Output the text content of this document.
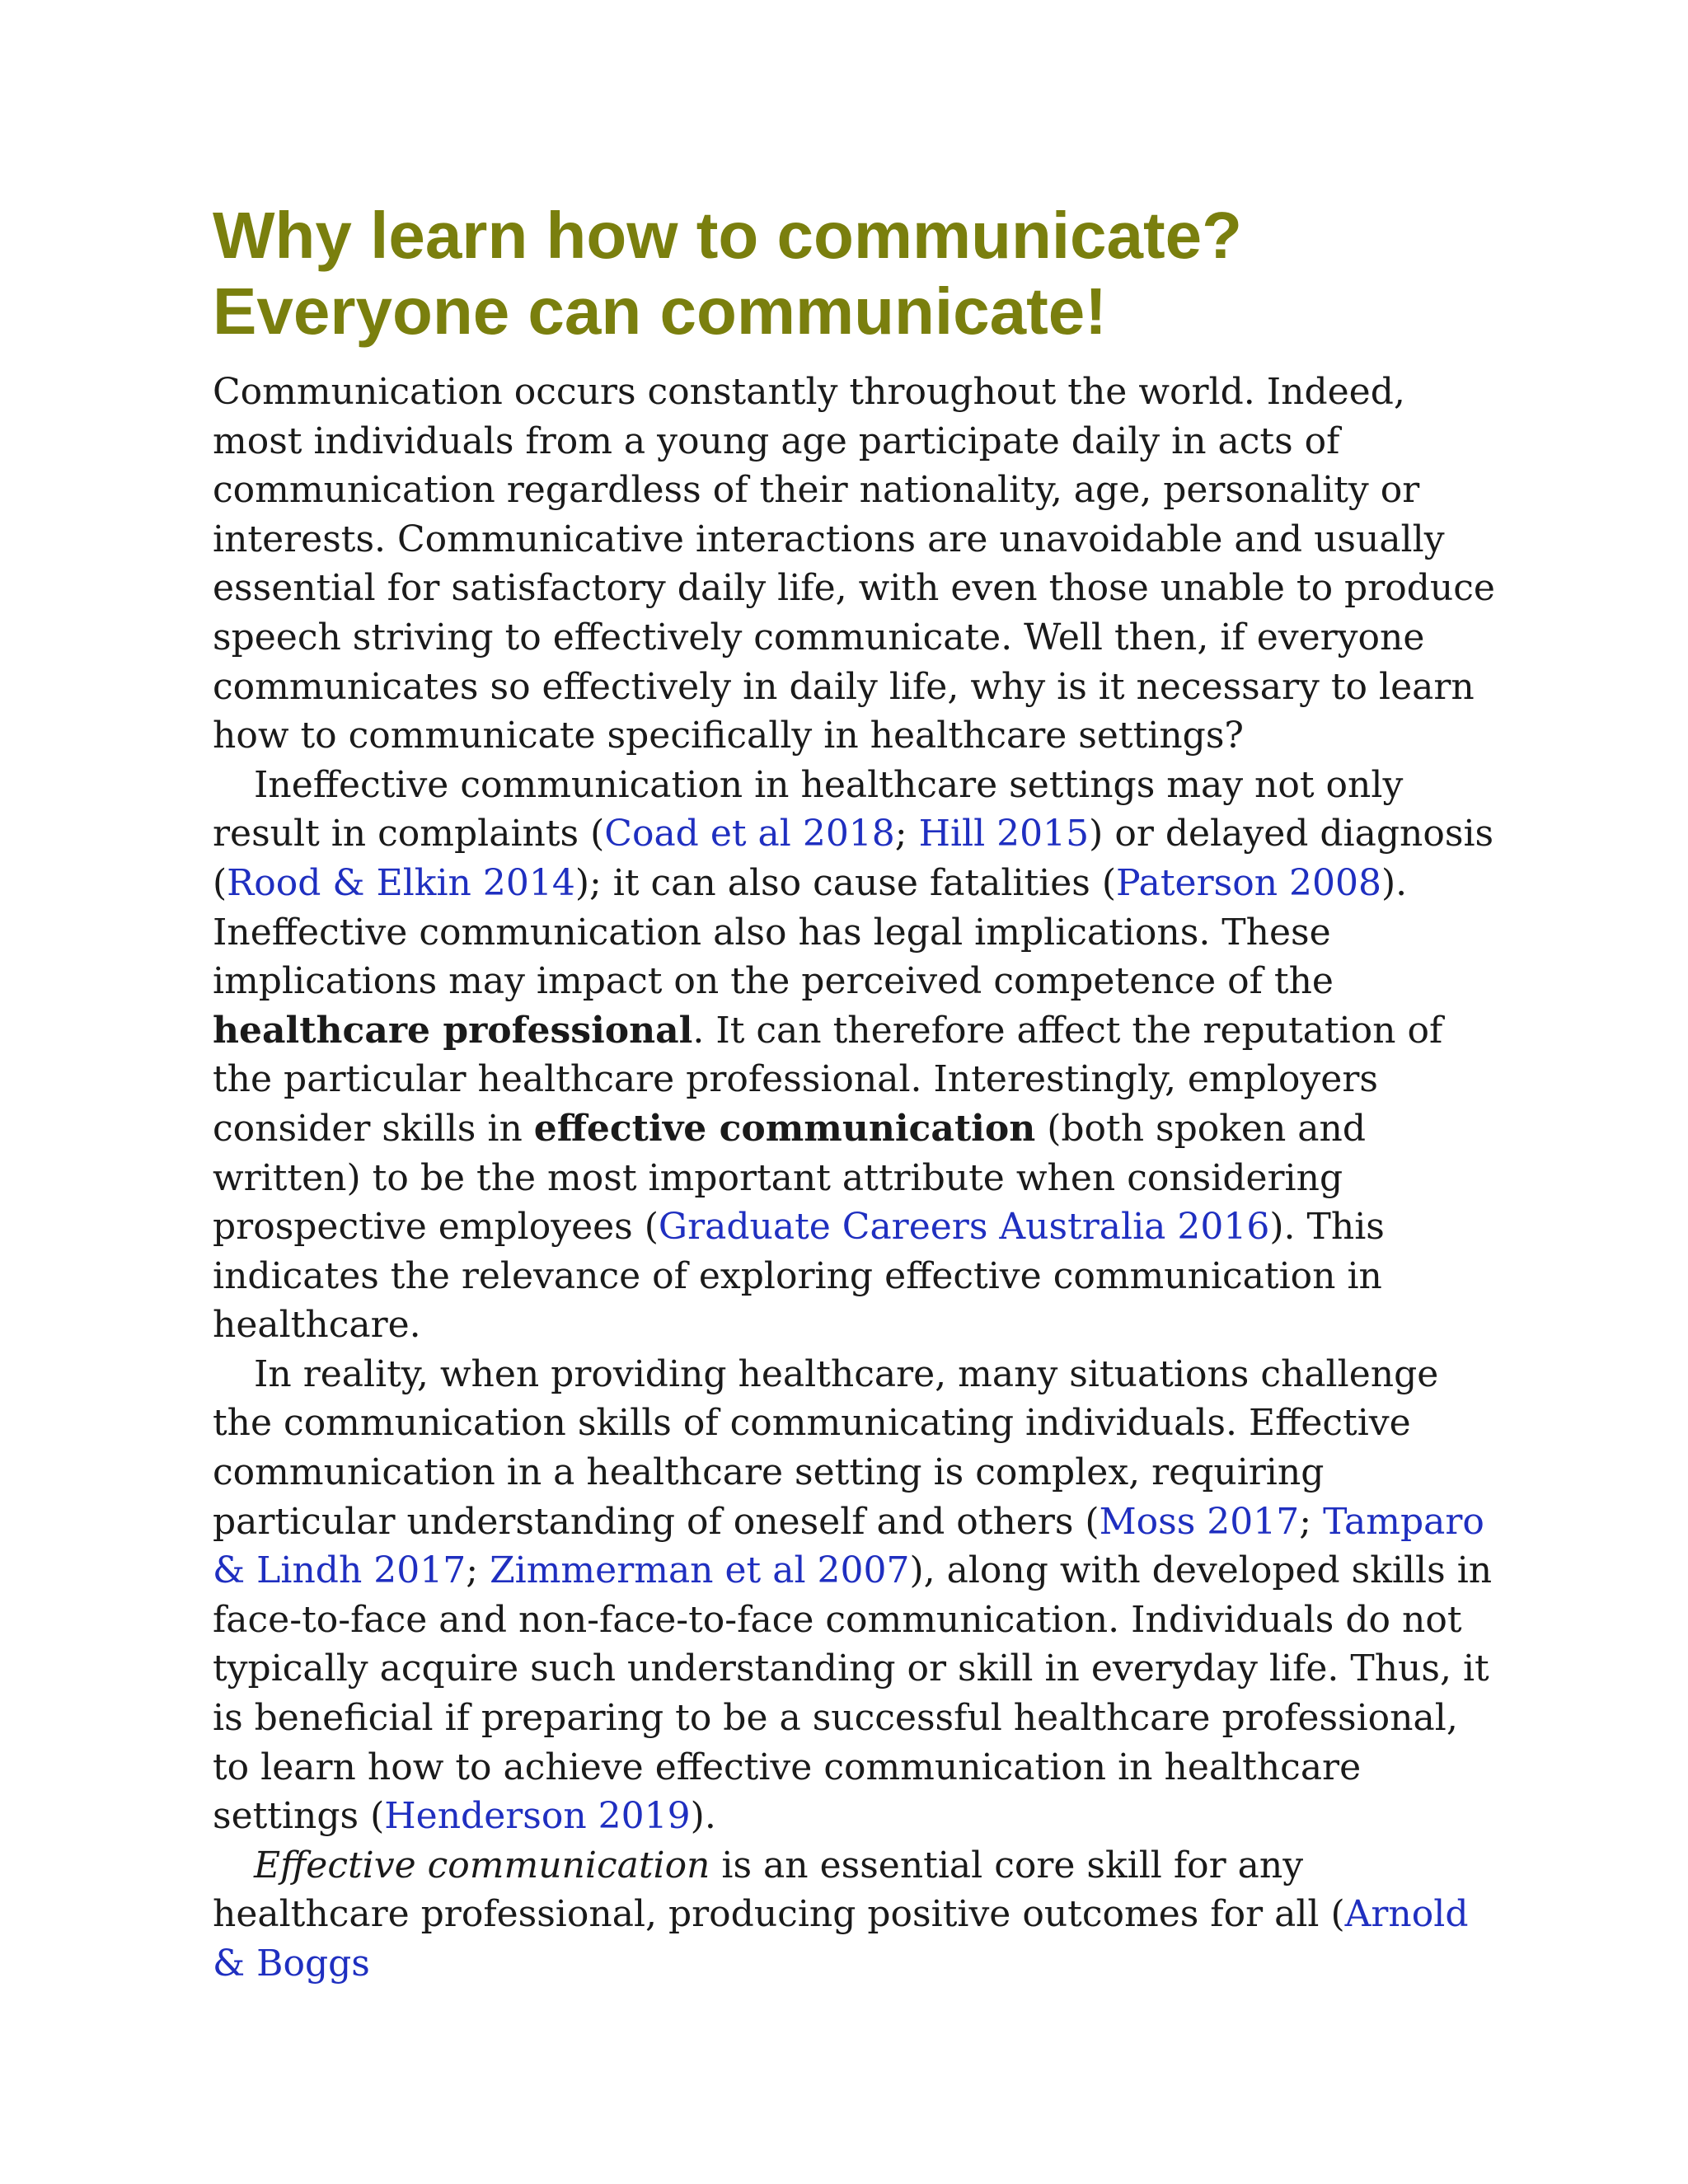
Why learn how to communicate?
Everyone can communicate!

Communication occurs constantly throughout the world. Indeed, most individuals from a young age participate daily in acts of communication regardless of their nationality, age, personality or interests. Communicative interactions are unavoidable and usually essential for satisfactory daily life, with even those unable to produce speech striving to effectively communicate. Well then, if everyone communicates so effectively in daily life, why is it necessary to learn how to communicate specifically in healthcare settings?

Ineffective communication in healthcare settings may not only result in complaints (Coad et al 2018; Hill 2015) or delayed diagnosis (Rood & Elkin 2014); it can also cause fatalities (Paterson 2008). Ineffective communication also has legal implications. These implications may impact on the perceived competence of the healthcare professional. It can therefore affect the reputation of the particular healthcare professional. Interestingly, employers consider skills in effective communication (both spoken and written) to be the most important attribute when considering prospective employees (Graduate Careers Australia 2016). This indicates the relevance of exploring effective communication in healthcare.

In reality, when providing healthcare, many situations challenge the communication skills of communicating individuals. Effective communication in a healthcare setting is complex, requiring particular understanding of oneself and others (Moss 2017; Tamparo & Lindh 2017; Zimmerman et al 2007), along with developed skills in face-to-face and non-face-to-face communication. Individuals do not typically acquire such understanding or skill in everyday life. Thus, it is beneficial if preparing to be a successful healthcare professional, to learn how to achieve effective communication in healthcare settings (Henderson 2019).

Effective communication is an essential core skill for any healthcare professional, producing positive outcomes for all (Arnold & Boggs
